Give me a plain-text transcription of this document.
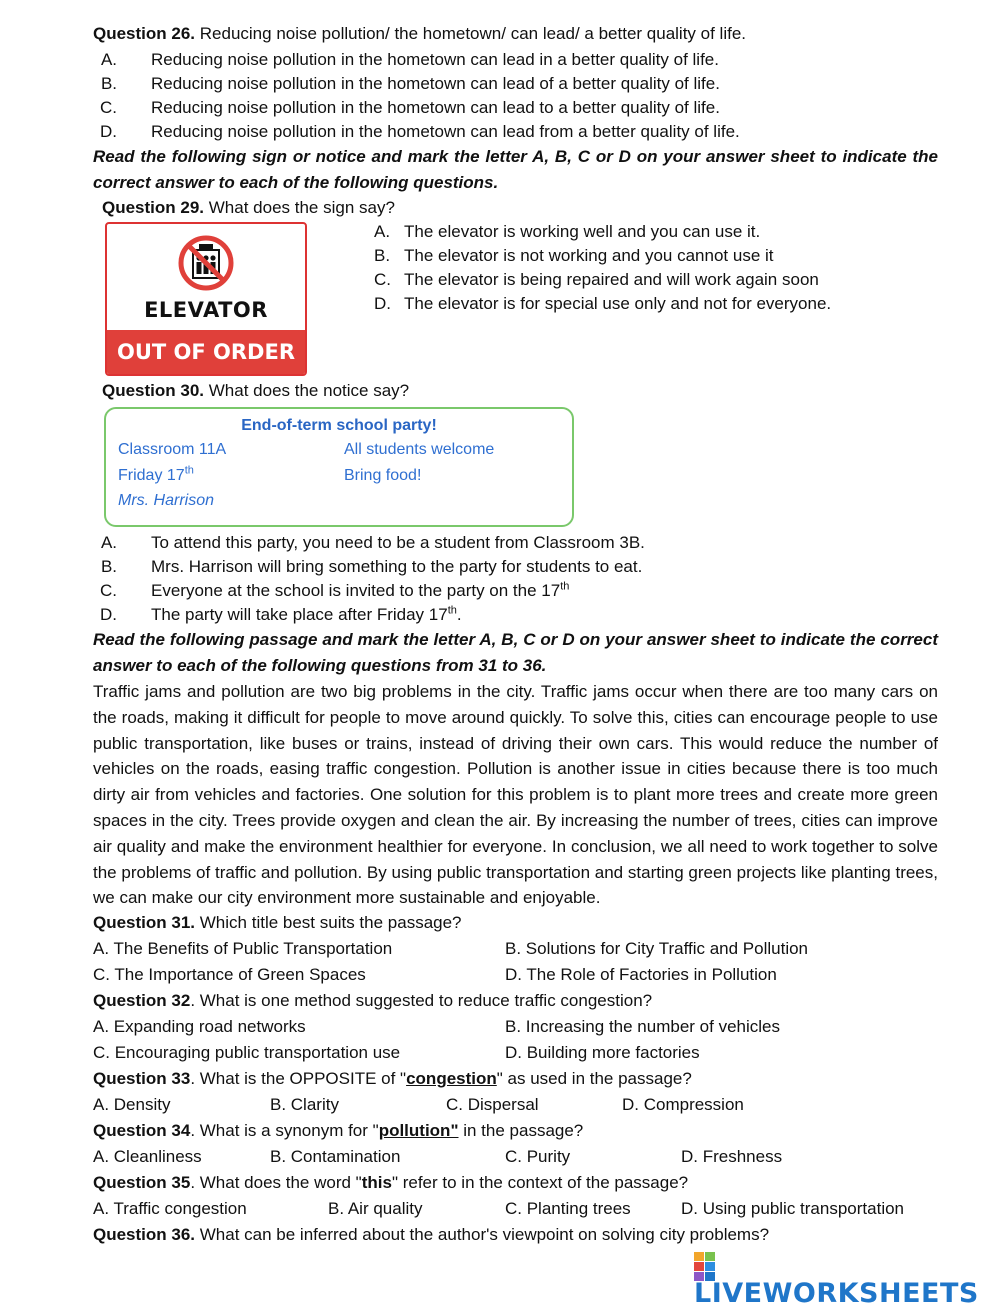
Question 26. Reducing noise pollution/ the hometown/ can lead/ a better quality of life.
A. Reducing noise pollution in the hometown can lead in a better quality of life.
B. Reducing noise pollution in the hometown can lead of a better quality of life.
C. Reducing noise pollution in the hometown can lead to a better quality of life.
D. Reducing noise pollution in the hometown can lead from a better quality of life.
Read the following sign or notice and mark the letter A, B, C or D on your answer sheet to indicate the correct answer to each of the following questions.
Question 29. What does the sign say?
ELEVATOR
OUT OF ORDER
A. The elevator is working well and you can use it.
B. The elevator is not working and you cannot use it
C. The elevator is being repaired and will work again soon
D. The elevator is for special use only and not for everyone.
Question 30. What does the notice say?
End-of-term school party!
Classroom 11A	All students welcome
Friday 17th	Bring food!
Mrs. Harrison
A. To attend this party, you need to be a student from Classroom 3B.
B. Mrs. Harrison will bring something to the party for students to eat.
C. Everyone at the school is invited to the party on the 17th
D. The party will take place after Friday 17th.
Read the following passage and mark the letter A, B, C or D on your answer sheet to indicate the correct answer to each of the following questions from 31 to 36.
Traffic jams and pollution are two big problems in the city. Traffic jams occur when there are too many cars on the roads, making it difficult for people to move around quickly. To solve this, cities can encourage people to use public transportation, like buses or trains, instead of driving their own cars. This would reduce the number of vehicles on the roads, easing traffic congestion. Pollution is another issue in cities because there is too much dirty air from vehicles and factories. One solution for this problem is to plant more trees and create more green spaces in the city. Trees provide oxygen and clean the air. By increasing the number of trees, cities can improve air quality and make the environment healthier for everyone. In conclusion, we all need to work together to solve the problems of traffic and pollution. By using public transportation and starting green projects like planting trees, we can make our city environment more sustainable and enjoyable.
Question 31. Which title best suits the passage?
A. The Benefits of Public Transportation	B. Solutions for City Traffic and Pollution
C. The Importance of Green Spaces	D. The Role of Factories in Pollution
Question 32. What is one method suggested to reduce traffic congestion?
A. Expanding road networks	B. Increasing the number of vehicles
C. Encouraging public transportation use	D. Building more factories
Question 33. What is the OPPOSITE of "congestion" as used in the passage?
A. Density	B. Clarity	C. Dispersal	D. Compression
Question 34. What is a synonym for "pollution" in the passage?
A. Cleanliness	B. Contamination	C. Purity	D. Freshness
Question 35. What does the word "this" refer to in the context of the passage?
A. Traffic congestion	B. Air quality	C. Planting trees	D. Using public transportation
Question 36. What can be inferred about the author's viewpoint on solving city problems?
LIVEWORKSHEETS
